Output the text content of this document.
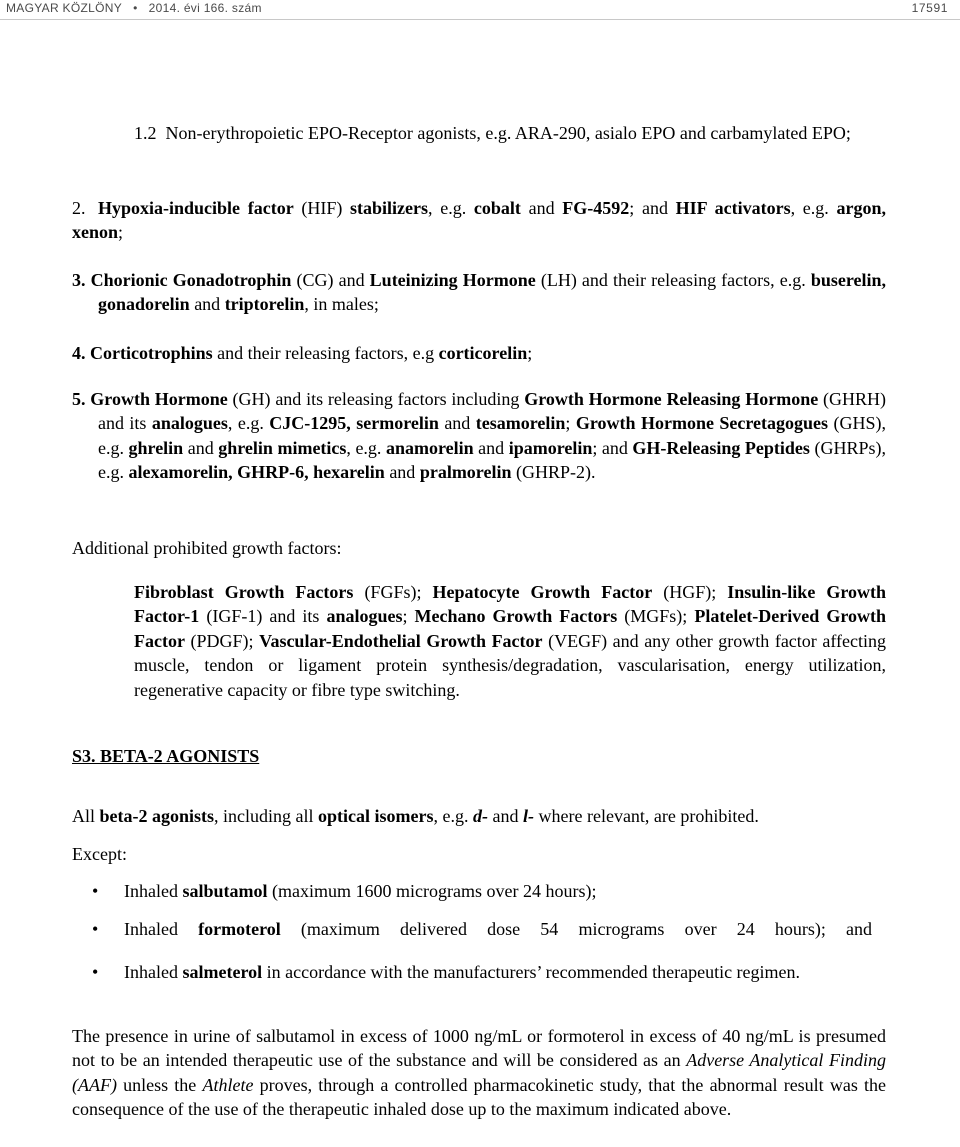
MAGYAR KÖZLÖNY • 2014. évi 166. szám	17591

1.2 Non-erythropoietic EPO-Receptor agonists, e.g. ARA-290, asialo EPO and carbamylated EPO;

2. Hypoxia-inducible factor (HIF) stabilizers, e.g. cobalt and FG-4592; and HIF activators, e.g. argon, xenon;

3. Chorionic Gonadotrophin (CG) and Luteinizing Hormone (LH) and their releasing factors, e.g. buserelin, gonadorelin and triptorelin, in males;

4. Corticotrophins and their releasing factors, e.g corticorelin;

5. Growth Hormone (GH) and its releasing factors including Growth Hormone Releasing Hormone (GHRH) and its analogues, e.g. CJC-1295, sermorelin and tesamorelin; Growth Hormone Secretagogues (GHS), e.g. ghrelin and ghrelin mimetics, e.g. anamorelin and ipamorelin; and GH-Releasing Peptides (GHRPs), e.g. alexamorelin, GHRP-6, hexarelin and pralmorelin (GHRP-2).

Additional prohibited growth factors:

Fibroblast Growth Factors (FGFs); Hepatocyte Growth Factor (HGF); Insulin-like Growth Factor-1 (IGF-1) and its analogues; Mechano Growth Factors (MGFs); Platelet-Derived Growth Factor (PDGF); Vascular-Endothelial Growth Factor (VEGF) and any other growth factor affecting muscle, tendon or ligament protein synthesis/degradation, vascularisation, energy utilization, regenerative capacity or fibre type switching.

S3. BETA-2 AGONISTS

All beta-2 agonists, including all optical isomers, e.g. d- and l- where relevant, are prohibited.

Except:

• Inhaled salbutamol (maximum 1600 micrograms over 24 hours);

• Inhaled formoterol (maximum delivered dose 54 micrograms over 24 hours); and

• Inhaled salmeterol in accordance with the manufacturers’ recommended therapeutic regimen.

The presence in urine of salbutamol in excess of 1000 ng/mL or formoterol in excess of 40 ng/mL is presumed not to be an intended therapeutic use of the substance and will be considered as an Adverse Analytical Finding (AAF) unless the Athlete proves, through a controlled pharmacokinetic study, that the abnormal result was the consequence of the use of the therapeutic inhaled dose up to the maximum indicated above.
